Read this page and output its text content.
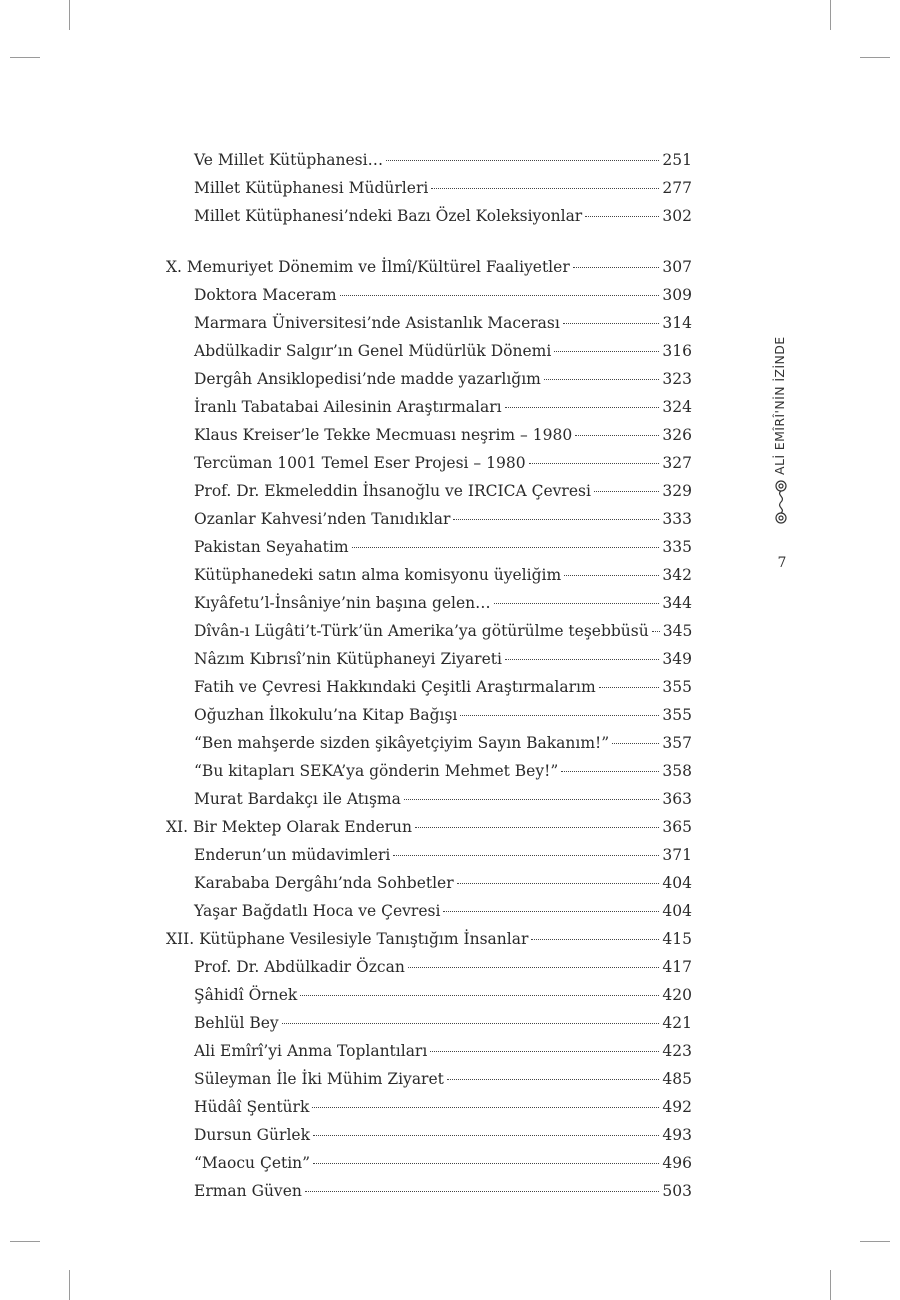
Ve Millet Kütüphanesi…	251
Millet Kütüphanesi Müdürleri	277
Millet Kütüphanesi’ndeki Bazı Özel Koleksiyonlar	302
X. Memuriyet Dönemim ve İlmî/Kültürel Faaliyetler	307
Doktora Maceram	309
Marmara Üniversitesi’nde Asistanlık Macerası	314
Abdülkadir Salgır’ın Genel Müdürlük Dönemi	316
Dergâh Ansiklopedisi’nde madde yazarlığım	323
İranlı Tabatabai Ailesinin Araştırmaları	324
Klaus Kreiser’le Tekke Mecmuası neşrim – 1980	326
Tercüman 1001 Temel Eser Projesi – 1980	327
Prof. Dr. Ekmeleddin İhsanoğlu ve IRCICA Çevresi	329
Ozanlar Kahvesi’nden Tanıdıklar	333
Pakistan Seyahatim	335
Kütüphanedeki satın alma komisyonu üyeliğim	342
Kıyâfetu’l-İnsâniye’nin başına gelen…	344
Dîvân-ı Lügâti’t-Türk’ün Amerika’ya götürülme teşebbüsü 345
Nâzım Kıbrısî’nin Kütüphaneyi Ziyareti	349
Fatih ve Çevresi Hakkındaki Çeşitli Araştırmalarım	355
Oğuzhan İlkokulu’na Kitap Bağışı	355
“Ben mahşerde sizden şikâyetçiyim Sayın Bakanım!”	357
“Bu kitapları SEKA’ya gönderin Mehmet Bey!”	358
Murat Bardakçı ile Atışma	363
XI. Bir Mektep Olarak Enderun	365
Enderun’un müdavimleri	371
Karababa Dergâhı’nda Sohbetler	404
Yaşar Bağdatlı Hoca ve Çevresi	404
XII. Kütüphane Vesilesiyle Tanıştığım İnsanlar	415
Prof. Dr. Abdülkadir Özcan	417
Şâhidî Örnek	420
Behlül Bey	421
Ali Emîrî’yi Anma Toplantıları	423
Süleyman İle İki Mühim Ziyaret	485
Hüdâî Şentürk	492
Dursun Gürlek	493
“Maocu Çetin”	496
Erman Güven	503
ALİ EMÎRÎ'NİN İZİNDE
7
